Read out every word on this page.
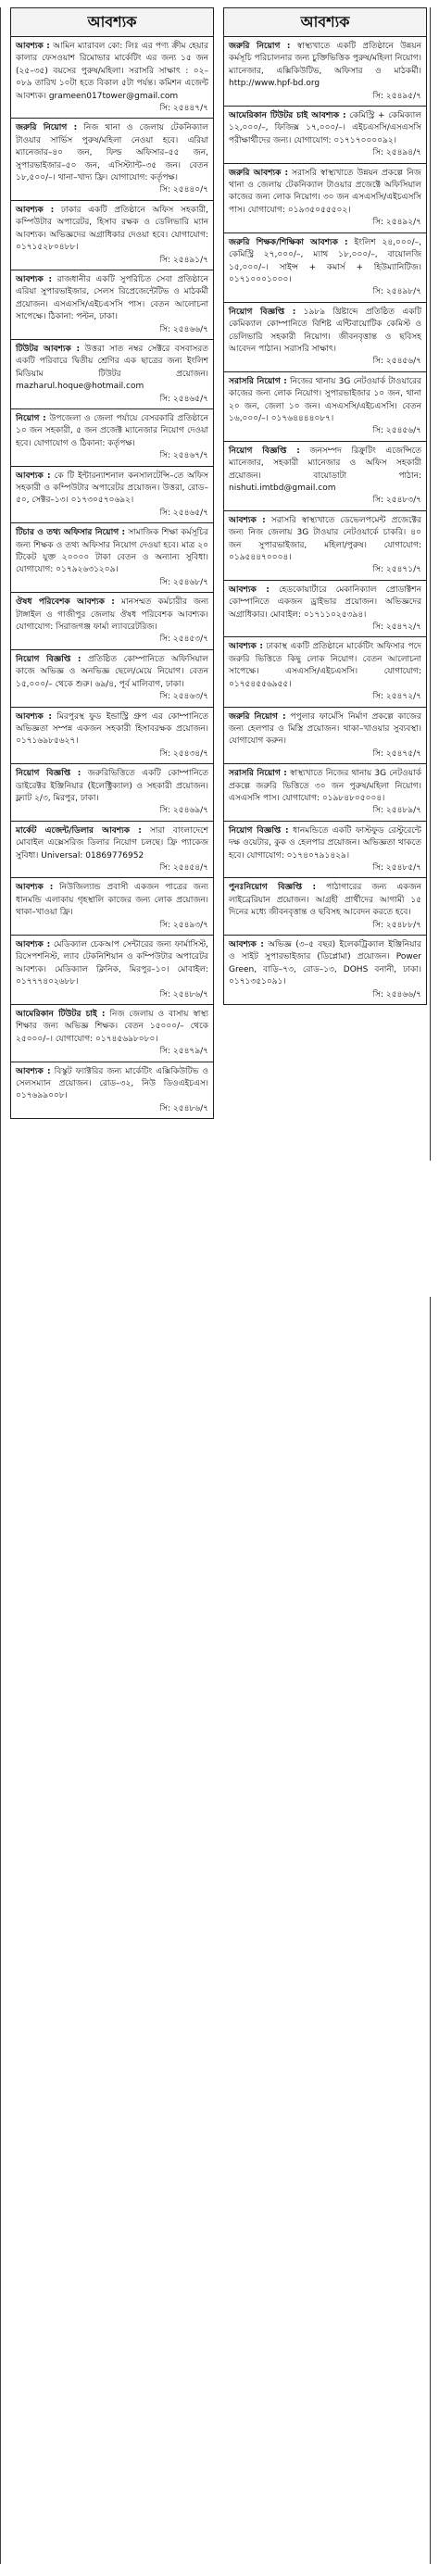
আবশ্যক
আবশ্যক : আমিন ম্যারাবল কো: লিঃ এর পণ্য ক্রীম হেয়ার কালার ফেসওয়াশ রিমোভার মার্কেটিং এর জন্য ১৫ জন (২৫–৩৫) বয়সের পুরুষ/মহিলা। সরাসরি সাক্ষাৎ : ০২–০৮৯ তারিখ ১০টা হতে বিকাল ৫টা পর্যন্ত। কমিশন এজেন্ট আবশ্যক। grameen017tower@gmail.com
সি: ২৫৪৪৭/৭
জরুরি নিয়োগ : নিজ থানা ও জেলায় টেকনিক্যাল টাওয়ার সার্ভিস পুরুষ/মহিলা নেওয়া হবে। এরিয়া ম্যানেজার–৪০ জন, ফিল্ড অফিসার–৫৫ জন, সুপারভাইজার–৫০ জন, এসিস্ট্যান্ট–৩৫ জন। বেতন ১৮,৫০০/–। থানা–খাদ্য ফ্রি। যোগাযোগ: কর্তৃপক্ষ।
সি: ২৫৪৪০/৭
আবশ্যক : ঢাকার একটি প্রতিষ্ঠানে অফিস সহকারী, কম্পিউটার অপারেটর, হিসাব রক্ষক ও ডেলিভারি ম্যান আবশ্যক। অভিজ্ঞদের অগ্রাধিকার দেওয়া হবে। যোগাযোগ: ০১৭১৫২৮০৪৮৮।
সি: ২৫৪৯১/৭
আবশ্যক : রাজধানীর একটি সুপরিচিত সেবা প্রতিষ্ঠানে এরিয়া সুপারভাইজার, সেলস রিপ্রেজেন্টেটিভ ও মাঠকর্মী প্রয়োজন। এসএসসি/এইচএসসি পাস। বেতন আলোচনা সাপেক্ষে। ঠিকানা: পল্টন, ঢাকা।
সি: ২৫৪৬৬/৭
টিউটর আবশ্যক : উত্তরা সাত নম্বর সেক্টরে বসবাসরত একটি পরিবারে দ্বিতীয় শ্রেণির এক ছাত্রের জন্য ইংলিশ মিডিয়াম টিউটর প্রয়োজন। mazharul.hoque@hotmail.com
সি: ২৫৪৬৫/৭
নিয়োগ : উপজেলা ও জেলা পর্যায়ে বেসরকারি প্রতিষ্ঠানে ১০ জন সহকারী, ৫ জন প্রজেক্ট ম্যানেজার নিয়োগ দেওয়া হবে। যোগাযোগ ও ঠিকানা: কর্তৃপক্ষ।
সি: ২৫৪৬৭/৭
আবশ্যক : কে টি ইন্টারন্যাশনাল কনসালটেন্সি–তে অফিস সহকারী ও কম্পিউটার অপারেটর প্রয়োজন। উত্তরা, রোড–৫০, সেক্টর–১৩। ০১৭৩০৫৭০৬৯২।
সি: ২৫৪৬৫/৭
টিচার ও তথ্য অফিসার নিয়োগ : সামাজিক শিক্ষা কর্মসূচির জন্য শিক্ষক ও তথ্য অফিসার নিয়োগ দেওয়া হবে। মাত্র ২০ টিকেট যুক্ত ২০০০০ টাকা বেতন ও অন্যান্য সুবিধা। যোগাযোগ: ০১৭৯২৬৩১২০৯।
সি: ২৫৪৬৮/৭
ঔষধ পরিবেশক আবশ্যক : মানসম্মত কর্মচারীর জন্য টাঙ্গাইল ও গাজীপুর জেলায় ঔষধ পরিবেশক আবশ্যক। যোগাযোগ: সিরাজগঞ্জ ফার্মা ল্যাবরেটরিজ।
সি: ২৫৪৫৩/৭
নিয়োগ বিজ্ঞপ্তি : প্রতিষ্ঠিত কোম্পানিতে অফিসিয়াল কাজে অভিজ্ঞ ও অনভিজ্ঞ ছেলে/মেয়ে নিয়োগ। বেতন ১৫,০০০/– থেকে শুরু। ৬৯/৪, পূর্ব মালিবাগ, ঢাকা।
সি: ২৫৪৬৩/৭
আবশ্যক : মিরপুরস্থ ফুড ইন্ডাস্ট্রি গ্রুপ এর কোম্পানিতে অভিজ্ঞতা সম্পন্ন একজন সহকারী হিসাবরক্ষক প্রয়োজন। ০১৭১৬৯৮৫৬২৭।
সি: ২৫৪৩৪/৭
নিয়োগ বিজ্ঞপ্তি : জরুরিভিত্তিতে একটি কোম্পানিতে ডাইরেক্টর ইঞ্জিনিয়ার (ইলেক্ট্রিক্যাল) ও সহকারী প্রয়োজন। ফ্ল্যাট ২/৩, মিরপুর, ঢাকা।
সি: ২৫৪৬৯/৭
মার্কেট এজেন্ট/ডিলার আবশ্যক : সারা বাংলাদেশে মোবাইল এক্সেসরিজ ডিলার নিয়োগ চলছে। ফ্রি প্যাকেজ সুবিধা। Universal: 01869776952
সি: ২৫৪৫৪/৭
আবশ্যক : নিউজিল্যান্ড প্রবাসী একজন পাত্রের জন্য ধানমন্ডি এলাকায় গৃহস্থালি কাজের জন্য লোক প্রয়োজন। থাকা–খাওয়া ফ্রি।
সি: ২৫৪৯৩/৭
আবশ্যক : মেডিক্যাল চেকআপ সেন্টারের জন্য ফার্মাসিস্ট, রিসেপশনিস্ট, ল্যাব টেকনিশিয়ান ও কম্পিউটার অপারেটর আবশ্যক। মেডিক্যাল ক্লিনিক, মিরপুর–১০। মোবাইল: ০১৭৭৭৪০২৬৮৮।
সি: ২৫৪৮৬/৭
আমেরিকান টিউটর চাই : নিজ জেলায় ও বাসায় স্বাস্থ্য শিক্ষার জন্য অভিজ্ঞ শিক্ষক। বেতন ১৫০০০/– থেকে ২৫০০০/–। যোগাযোগ: ০১৭৪৫৬৯৮০৮০।
সি: ২৫৪৭৯/৭
আবশ্যক : বিস্কুট ফ্যাক্টরির জন্য মার্কেটিং এক্সিকিউটিভ ও সেলসম্যান প্রয়োজন। রোড–৩২, নিউ ডিওএইচএস। ০১৭৬৯৯০০৮।
সি: ২৫৪৮৬/৭
আবশ্যক
জরুরি নিয়োগ : স্বাস্থ্যখাতে একটি প্রতিষ্ঠানে উন্নয়ন কর্মসূচি পরিচালনার জন্য চুক্তিভিত্তিক পুরুষ/মহিলা নিয়োগ। ম্যানেজার, এক্সিকিউটিভ, অফিসার ও মাঠকর্মী। http://www.hpf-bd.org
সি: ২৫৪৯৫/৭
আমেরিকান টিউটর চাই আবশ্যক : কেমিস্ট্রি + কেমিক্যাল ১২,০০০/–, ফিজিক্স ১৭,০০০/–। এইচএসসি/এসএসসি পরীক্ষার্থীদের জন্য। যোগাযোগ: ০১৭১৭০০০০৯২।
সি: ২৫৪৯৪/৭
জরুরি আবশ্যক : সরাসরি স্বাস্থ্যখাতে উন্নয়ন প্রকল্পে নিজ থানা ও জেলায় টেকনিক্যাল টাওয়ার প্রজেক্টে অফিসিয়াল কাজের জন্য লোক নিয়োগ। ৩০ জন এসএসসি/এইচএসসি পাস। যোগাযোগ: ০১৯৩৫০৫৫৫০২।
সি: ২৫৪৯২/৭
জরুরি শিক্ষক/শিক্ষিকা আবশ্যক : ইংলিশ ২৪,০০০/–, কেমিস্ট্রি ২৭,০০০/–, ম্যাথ ১৮,০০০/–, বায়োলজি ১৫,০০০/–। সাইন্স + কমার্স + হিউম্যানিটিজ। ০১৭১০০০১০০০।
সি: ২৫৪৯৮/৭
নিয়োগ বিজ্ঞপ্তি : ১৯৮৯ খ্রিষ্টাব্দে প্রতিষ্ঠিত একটি কেমিক্যাল কোম্পানিতে বিশিষ্ট এন্টিবায়োটিক কেমিস্ট ও ডেলিভারি সহকারী নিয়োগ। জীবনবৃত্তান্ত ও ছবিসহ আবেদন পাঠান। সরাসরি সাক্ষাৎ।
সি: ২৫৪৫৬/৭
সরাসরি নিয়োগ : নিজের থানায় 3G নেটওয়ার্ক টাওয়ারের কাজের জন্য লোক নিয়োগ। সুপারভাইজার ১০ জন, থানা ২০ জন, জেলা ১০ জন। এসএসসি/এইচএসসি। বেতন ১৬,০০০/–। ০১৭৬৪৪৪৪০৮৭।
সি: ২৫৪৫৬/৭
নিয়োগ বিজ্ঞপ্তি : জনসম্পদ রিক্রুটিং এজেন্সিতে ম্যানেজার, সহকারী ম্যানেজার ও অফিস সহকারী প্রয়োজন। বায়োডাটা পাঠান: nishuti.imtbd@gmail.com
সি: ২৫৪৮৩/৭
আবশ্যক : সরাসরি স্বাস্থ্যখাতে ডেভেলপমেন্ট প্রজেক্টের জন্য নিজ জেলায় 3G টাওয়ার নেটওয়ার্কে চাকরি। ৪০ জন সুপারভাইজার, মহিলা/পুরুষ। যোগাযোগ: ০১৯৫৪৪৭০০০৪।
সি: ২৫৪৭১/৭
আবশ্যক : হেডকোয়ার্টারে মেকানিক্যাল প্রোডাক্টশন কোম্পানিতে একজন ড্রাইভার প্রয়োজন। অভিজ্ঞদের অগ্রাধিকার। মোবাইল: ০১৭১১০২৫৩৯৪।
সি: ২৫৪৭২/৭
আবশ্যক : ঢাকাস্থ একটি প্রতিষ্ঠানে মার্কেটিং অফিসার পদে জরুরি ভিত্তিতে কিছু লোক নিয়োগ। বেতন আলোচনা সাপেক্ষে। এসএসসি/এইচএসসি। যোগাযোগ: ০১৭৫৪৫৫৬৯৫৫।
সি: ২৫৪৭২/৭
জরুরি নিয়োগ : পপুলার ফার্মেসি নির্মাণ প্রকল্পে কাজের জন্য হেলপার ও মিস্ত্রি প্রয়োজন। থাকা–খাওয়ার সুব্যবস্থা। যোগাযোগ করুন।
সি: ২৫৪৭৫/৭
সরাসরি নিয়োগ : স্বাস্থ্যখাতে নিজের থানায় 3G নেটওয়ার্ক প্রকল্পে জরুরি ভিত্তিতে ৩০ জন পুরুষ/মহিলা নিয়োগ। এসএসসি পাস। যোগাযোগ: ০১৯৮৪৮০৫০০৪।
সি: ২৫৪৮৯/৭
নিয়োগ বিজ্ঞপ্তি : ধানমন্ডিতে একটি ফাস্টফুড রেস্টুরেন্টে দক্ষ ওয়েটার, কুক ও হেলপার প্রয়োজন। অভিজ্ঞতা থাকতে হবে। যোগাযোগ: ০১৭৪০৭৯১৪২৯।
সি: ২৫৪৮৫/৭
পুনঃনিয়োগ বিজ্ঞপ্তি : পাঠাগারের জন্য একজন লাইব্রেরিয়ান প্রয়োজন। আগ্রহী প্রার্থীদের আগামী ১৫ দিনের মধ্যে জীবনবৃত্তান্ত ও ছবিসহ আবেদন করতে হবে।
সি: ২৫৪৮৮/৭
আবশ্যক : অভিজ্ঞ (৩–৫ বছর) ইলেকট্রিক্যাল ইঞ্জিনিয়ার ও সাইট সুপারভাইজার (ডিপ্লোমা) প্রয়োজন। Power Green, বাড়ি–৭৩, রোড–১৩, DOHS বনানী, ঢাকা। ০১৭১৩৫১০৯১।
সি: ২৫৪৬৬/৭
